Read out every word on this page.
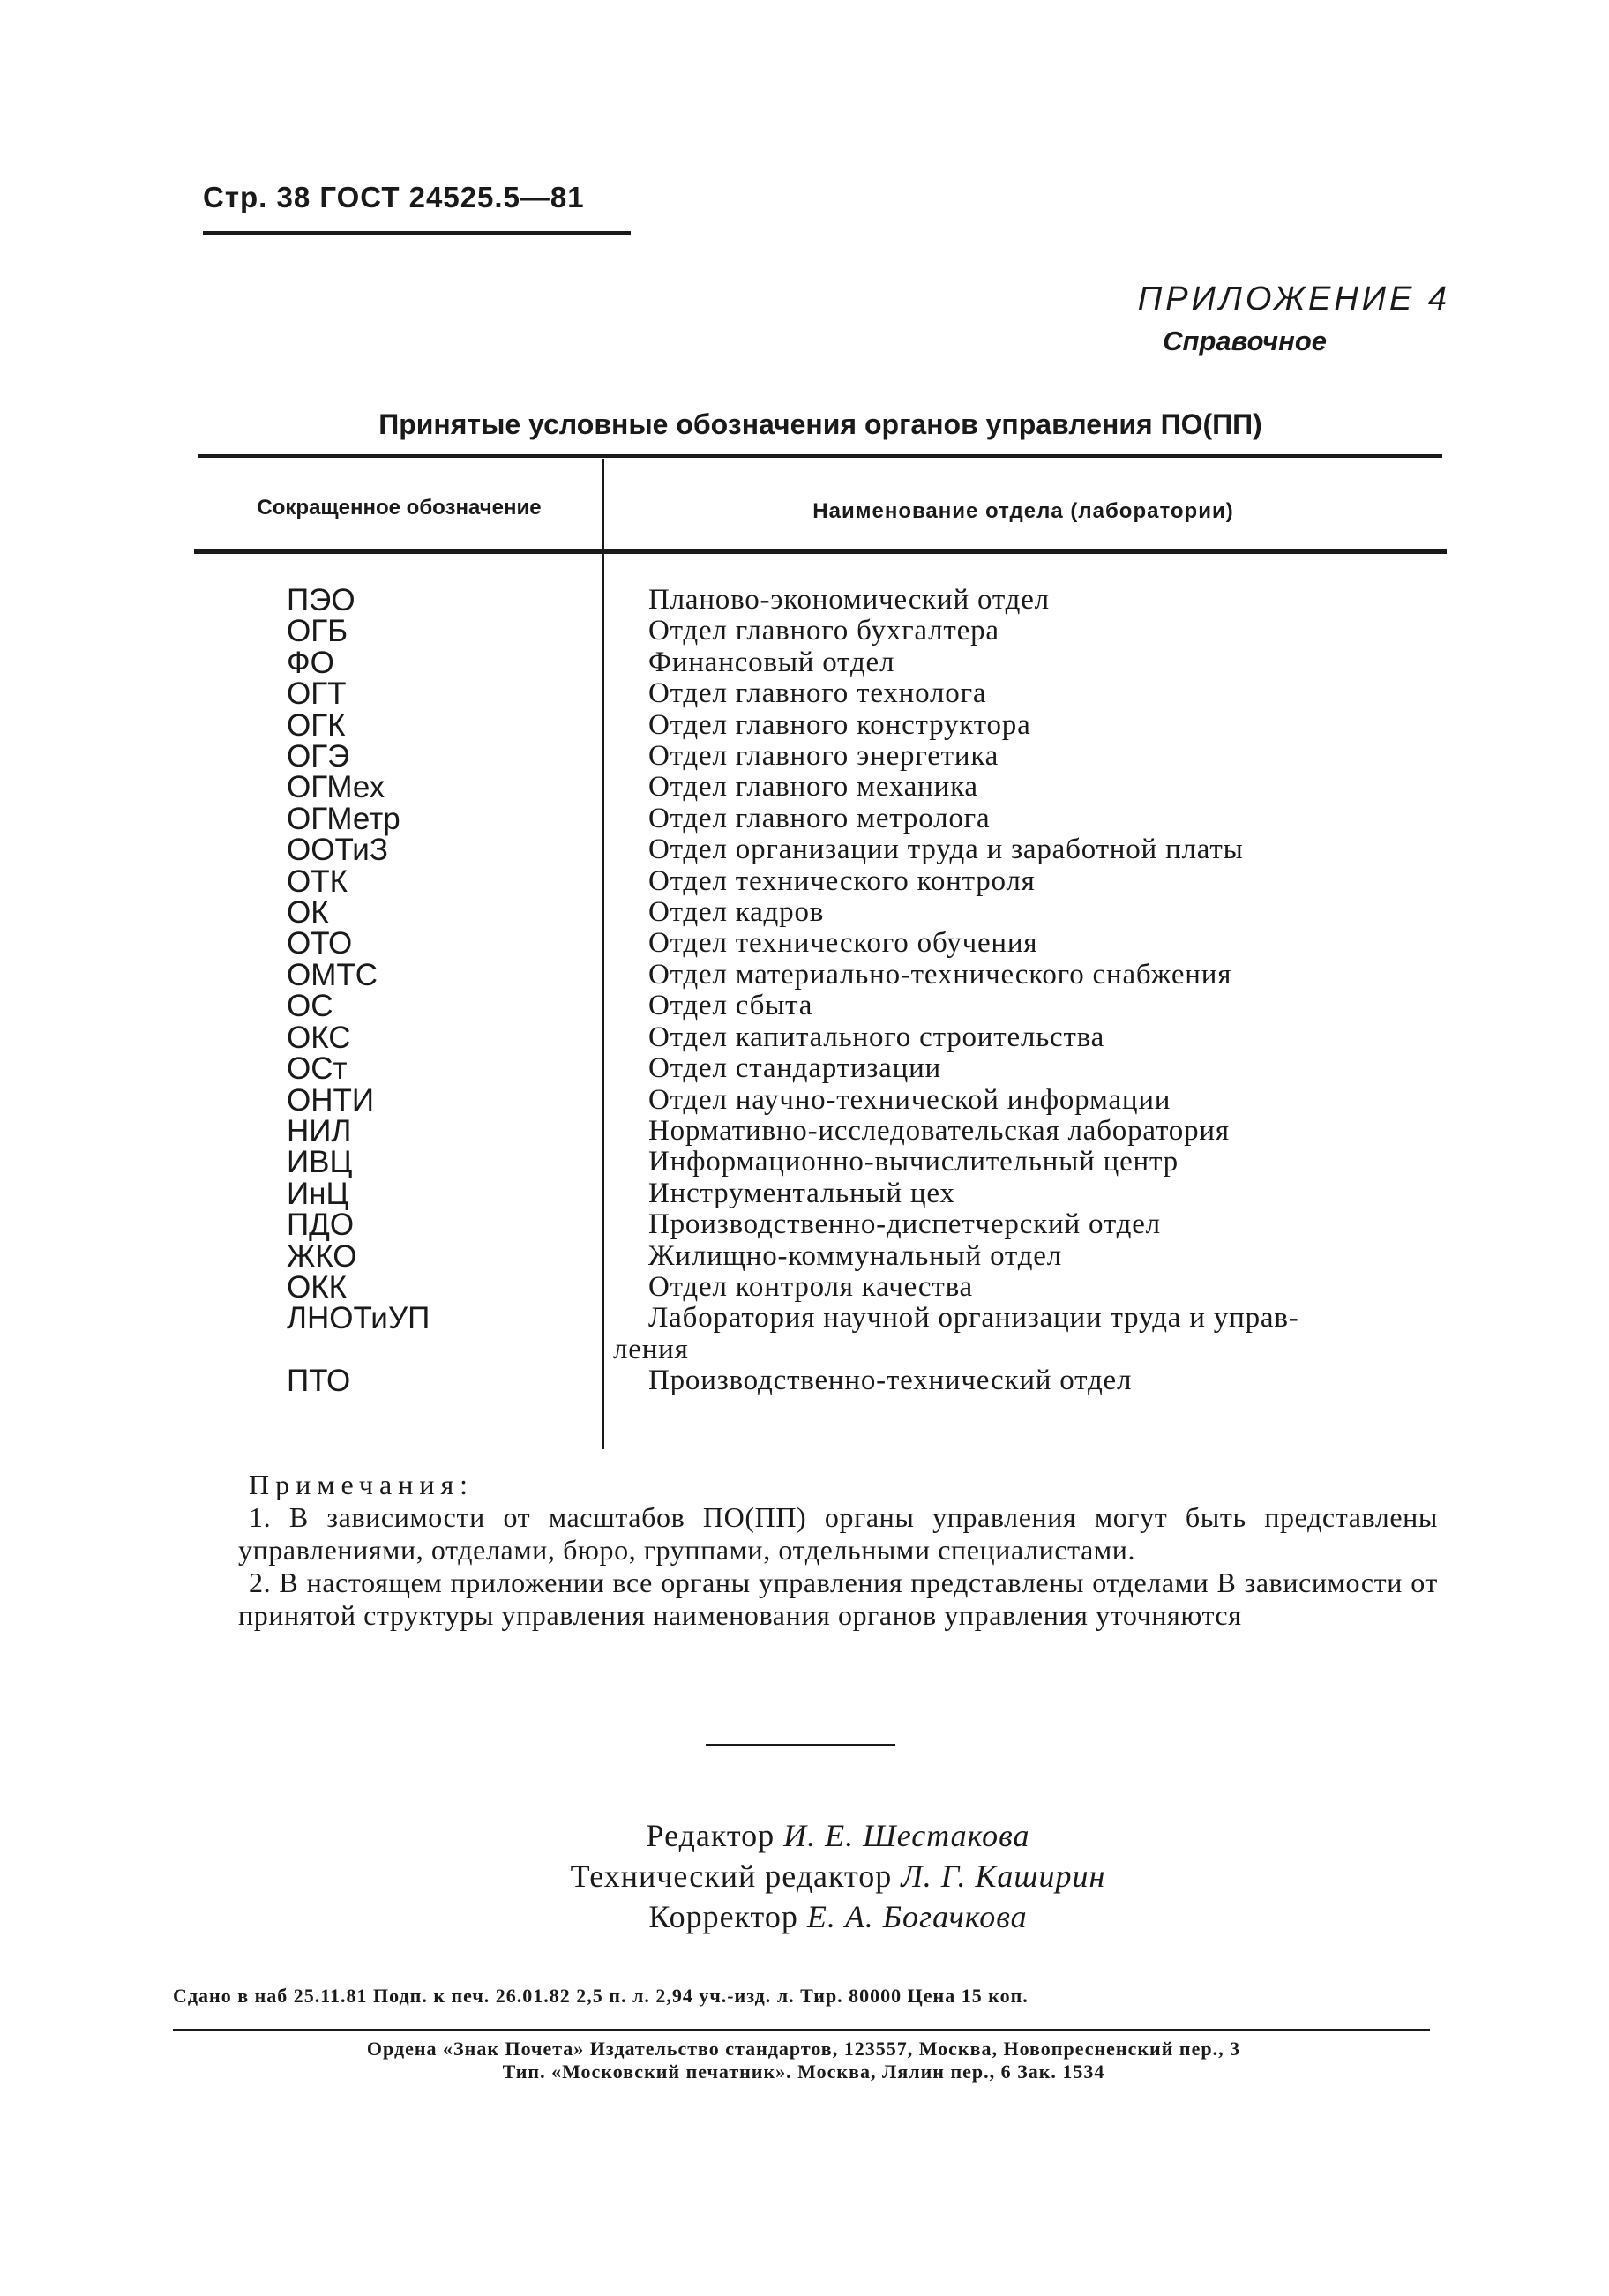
Стр. 38 ГОСТ 24525.5—81
ПРИЛОЖЕНИЕ 4
Справочное
Принятые условные обозначения органов управления ПО(ПП)
Сокращенное обозначение	Наименование отдела (лаборатории)
ПЭО	Планово-экономический отдел
ОГБ	Отдел главного бухгалтера
ФО	Финансовый отдел
ОГТ	Отдел главного технолога
ОГК	Отдел главного конструктора
ОГЭ	Отдел главного энергетика
ОГМех	Отдел главного механика
ОГМетр	Отдел главного метролога
ООТиЗ	Отдел организации труда и заработной платы
ОТК	Отдел технического контроля
ОК	Отдел кадров
ОТО	Отдел технического обучения
ОМТС	Отдел материально-технического снабжения
ОС	Отдел сбыта
ОКС	Отдел капитального строительства
ОСт	Отдел стандартизации
ОНТИ	Отдел научно-технической информации
НИЛ	Нормативно-исследовательская лаборатория
ИВЦ	Информационно-вычислительный центр
ИнЦ	Инструментальный цех
ПДО	Производственно-диспетчерский отдел
ЖКО	Жилищно-коммунальный отдел
ОКК	Отдел контроля качества
ЛНОТиУП	Лаборатория научной организации труда и управ-
ления
ПТО	Производственно-технический отдел
Примечания:

1. В зависимости от масштабов ПО(ПП) органы управления могут быть представлены управлениями, отделами, бюро, группами, отдельными специалистами.

2. В настоящем приложении все органы управления представлены отделами В зависимости от принятой структуры управления наименования органов управления уточняются

Редактор И. Е. Шестакова
Технический редактор Л. Г. Каширин
Корректор Е. А. Богачкова
Сдано в наб 25.11.81 Подп. к печ. 26.01.82 2,5 п. л. 2,94 уч.-изд. л. Тир. 80000 Цена 15 коп.
Ордена «Знак Почета» Издательство стандартов, 123557, Москва, Новопресненский пер., 3
Тип. «Московский печатник». Москва, Лялин пер., 6 Зак. 1534
